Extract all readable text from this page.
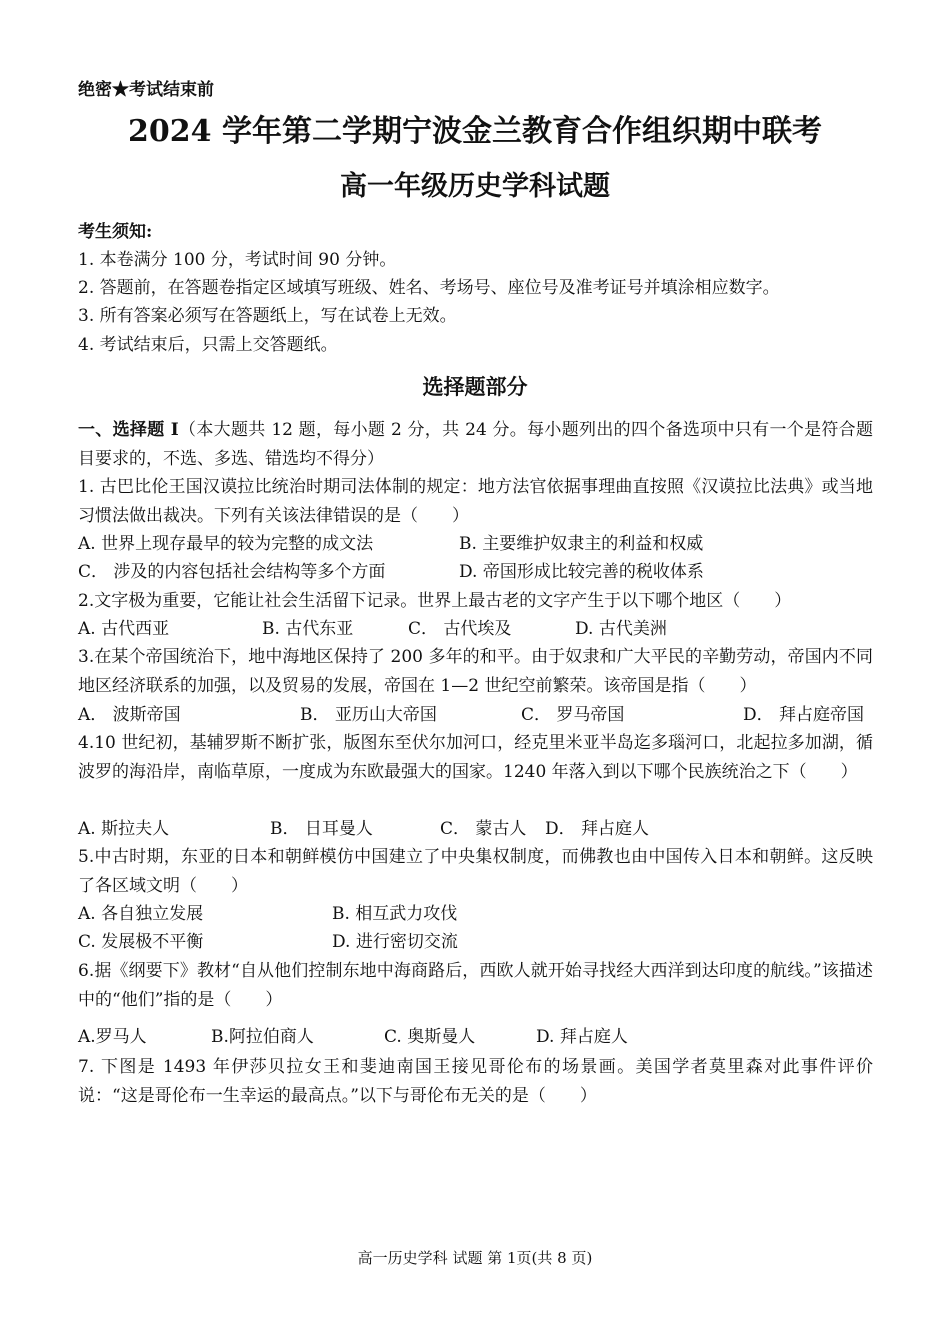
绝密★考试结束前
2024 学年第二学期宁波金兰教育合作组织期中联考
高一年级历史学科试题
考生须知:
1. 本卷满分 100 分，考试时间 90 分钟。
2. 答题前，在答题卷指定区域填写班级、姓名、考场号、座位号及准考证号并填涂相应数字。
3. 所有答案必须写在答题纸上，写在试卷上无效。
4. 考试结束后，只需上交答题纸。
选择题部分
一、选择题 I（本大题共 12 题，每小题 2 分，共 24 分。每小题列出的四个备选项中只有一个是符合题目要求的，不选、多选、错选均不得分）
1. 古巴比伦王国汉谟拉比统治时期司法体制的规定：地方法官依据事理曲直按照《汉谟拉比法典》或当地习惯法做出裁决。下列有关该法律错误的是（　　）
A. 世界上现存最早的较为完整的成文法	B. 主要维护奴隶主的利益和权威
C． 涉及的内容包括社会结构等多个方面	D. 帝国形成比较完善的税收体系
2.文字极为重要，它能让社会生活留下记录。世界上最古老的文字产生于以下哪个地区（　　）
A. 古代西亚	B. 古代东亚	C． 古代埃及	D. 古代美洲
3.在某个帝国统治下，地中海地区保持了 200 多年的和平。由于奴隶和广大平民的辛勤劳动，帝国内不同地区经济联系的加强，以及贸易的发展，帝国在 1—2 世纪空前繁荣。该帝国是指（　　）
A． 波斯帝国	B． 亚历山大帝国	C． 罗马帝国	D． 拜占庭帝国
4.10 世纪初，基辅罗斯不断扩张，版图东至伏尔加河口，经克里米亚半岛迄多瑙河口，北起拉多加湖，循波罗的海沿岸，南临草原，一度成为东欧最强大的国家。1240 年落入到以下哪个民族统治之下（　　）
A. 斯拉夫人	B． 日耳曼人	C． 蒙古人 D． 拜占庭人
5.中古时期，东亚的日本和朝鲜模仿中国建立了中央集权制度，而佛教也由中国传入日本和朝鲜。这反映了各区域文明（　　）
A. 各自独立发展	B. 相互武力攻伐
C. 发展极不平衡	D. 进行密切交流
6.据《纲要下》教材“自从他们控制东地中海商路后，西欧人就开始寻找经大西洋到达印度的航线。”该描述中的“他们”指的是（　　）
A.罗马人	B.阿拉伯商人	C. 奥斯曼人	D. 拜占庭人
7. 下图是 1493 年伊莎贝拉女王和斐迪南国王接见哥伦布的场景画。美国学者莫里森对此事件评价说：“这是哥伦布一生幸运的最高点。”以下与哥伦布无关的是（　　）
高一历史学科 试题 第 1页(共 8 页)
